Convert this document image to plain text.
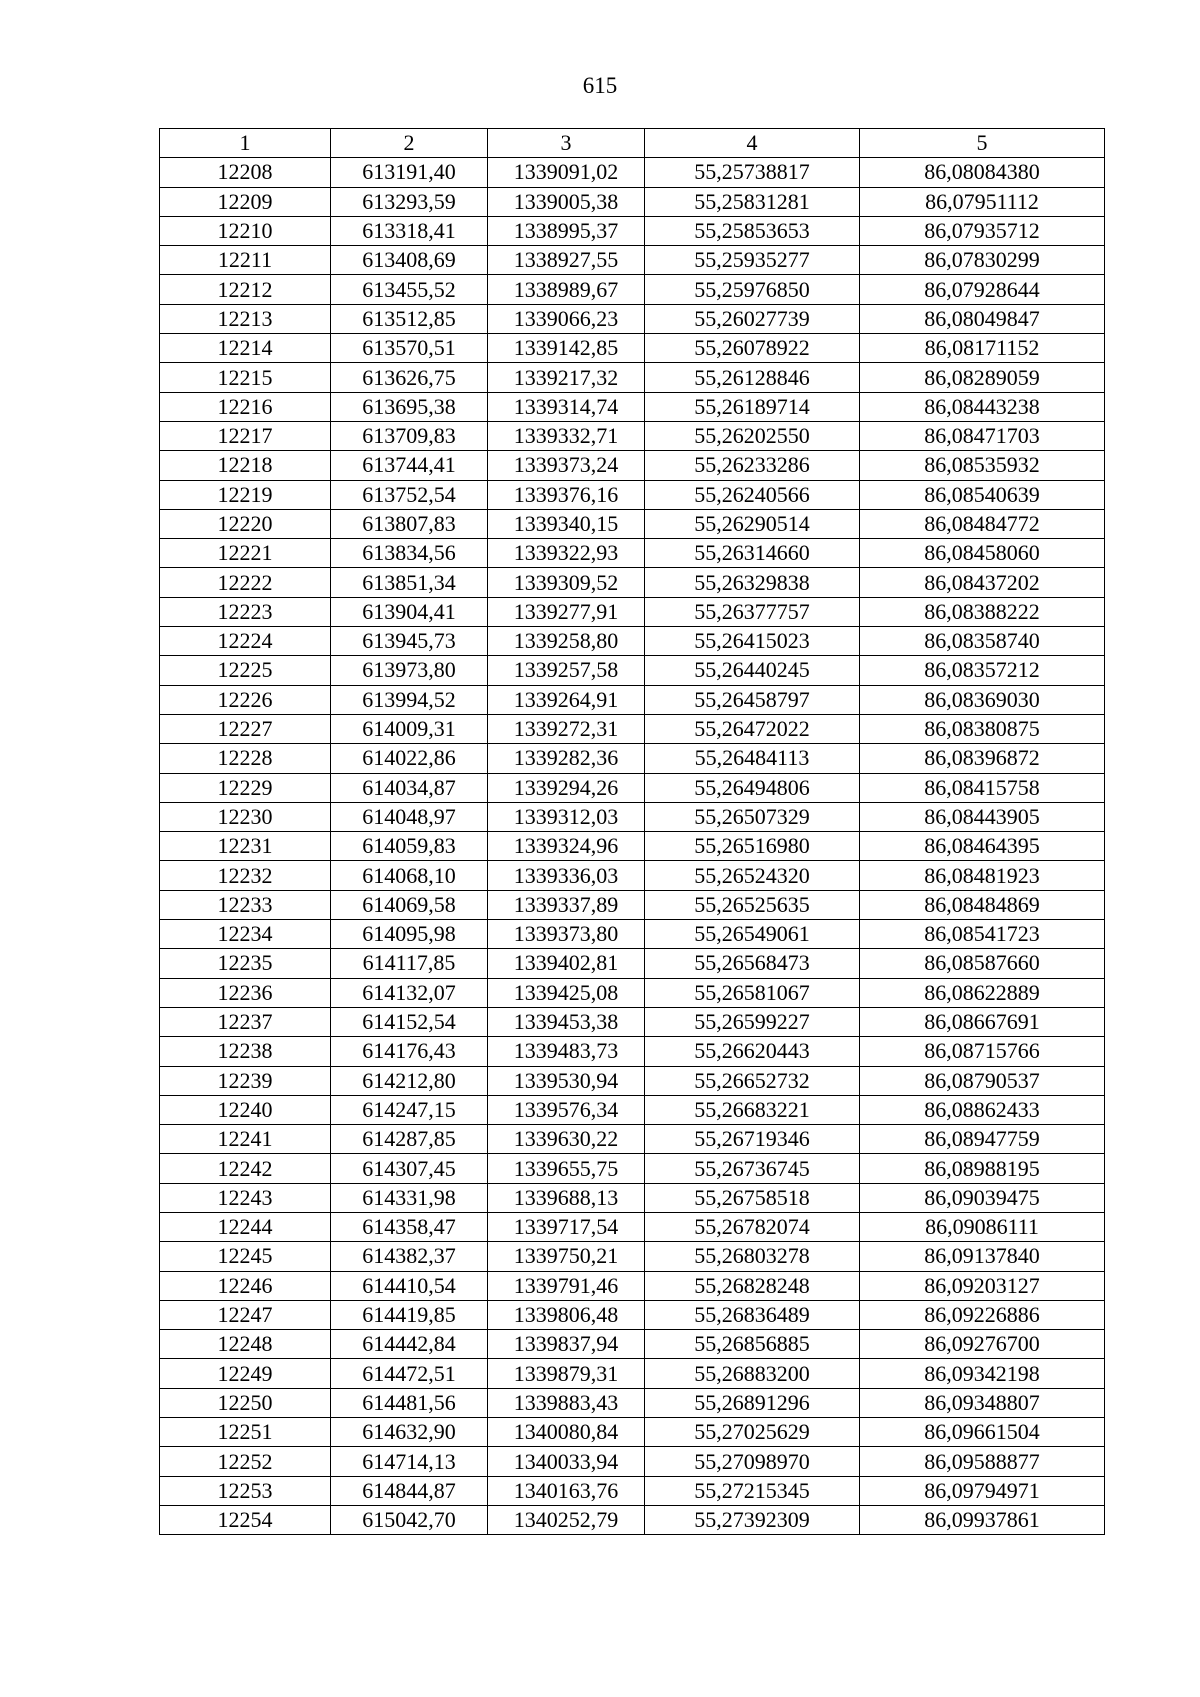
615
1	2	3	4	5
12208	613191,40	1339091,02	55,25738817	86,08084380
12209	613293,59	1339005,38	55,25831281	86,07951112
12210	613318,41	1338995,37	55,25853653	86,07935712
12211	613408,69	1338927,55	55,25935277	86,07830299
12212	613455,52	1338989,67	55,25976850	86,07928644
12213	613512,85	1339066,23	55,26027739	86,08049847
12214	613570,51	1339142,85	55,26078922	86,08171152
12215	613626,75	1339217,32	55,26128846	86,08289059
12216	613695,38	1339314,74	55,26189714	86,08443238
12217	613709,83	1339332,71	55,26202550	86,08471703
12218	613744,41	1339373,24	55,26233286	86,08535932
12219	613752,54	1339376,16	55,26240566	86,08540639
12220	613807,83	1339340,15	55,26290514	86,08484772
12221	613834,56	1339322,93	55,26314660	86,08458060
12222	613851,34	1339309,52	55,26329838	86,08437202
12223	613904,41	1339277,91	55,26377757	86,08388222
12224	613945,73	1339258,80	55,26415023	86,08358740
12225	613973,80	1339257,58	55,26440245	86,08357212
12226	613994,52	1339264,91	55,26458797	86,08369030
12227	614009,31	1339272,31	55,26472022	86,08380875
12228	614022,86	1339282,36	55,26484113	86,08396872
12229	614034,87	1339294,26	55,26494806	86,08415758
12230	614048,97	1339312,03	55,26507329	86,08443905
12231	614059,83	1339324,96	55,26516980	86,08464395
12232	614068,10	1339336,03	55,26524320	86,08481923
12233	614069,58	1339337,89	55,26525635	86,08484869
12234	614095,98	1339373,80	55,26549061	86,08541723
12235	614117,85	1339402,81	55,26568473	86,08587660
12236	614132,07	1339425,08	55,26581067	86,08622889
12237	614152,54	1339453,38	55,26599227	86,08667691
12238	614176,43	1339483,73	55,26620443	86,08715766
12239	614212,80	1339530,94	55,26652732	86,08790537
12240	614247,15	1339576,34	55,26683221	86,08862433
12241	614287,85	1339630,22	55,26719346	86,08947759
12242	614307,45	1339655,75	55,26736745	86,08988195
12243	614331,98	1339688,13	55,26758518	86,09039475
12244	614358,47	1339717,54	55,26782074	86,09086111
12245	614382,37	1339750,21	55,26803278	86,09137840
12246	614410,54	1339791,46	55,26828248	86,09203127
12247	614419,85	1339806,48	55,26836489	86,09226886
12248	614442,84	1339837,94	55,26856885	86,09276700
12249	614472,51	1339879,31	55,26883200	86,09342198
12250	614481,56	1339883,43	55,26891296	86,09348807
12251	614632,90	1340080,84	55,27025629	86,09661504
12252	614714,13	1340033,94	55,27098970	86,09588877
12253	614844,87	1340163,76	55,27215345	86,09794971
12254	615042,70	1340252,79	55,27392309	86,09937861
